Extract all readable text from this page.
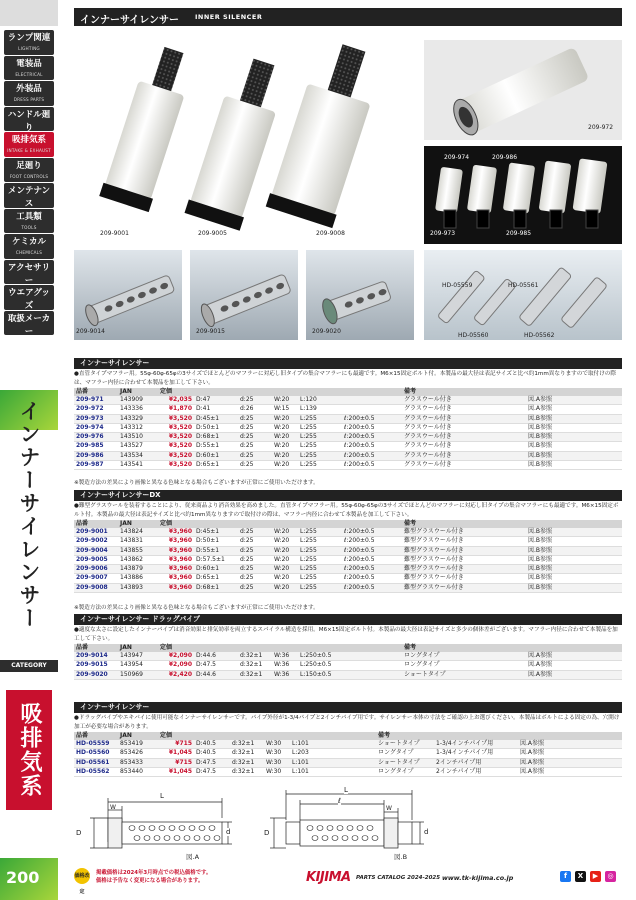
ランプ関連
LIGHTING
電装品
ELECTRICAL
外装品
DRESS PARTS
ハンドル廻り
吸排気系
INTAKE & EXHAUST
足廻り
FOOT CONTROLS
メンテナンス
工具類
TOOLS
ケミカル
CHEMICALS
アクセサリー
ウエアグッズ
取扱メーカー
インナーサイレンサー
CATEGORY
吸排気系
200
インナーサイレンサー INNER SILENCER
209-9001	209-9005	209-9008
209-972
209-974	209-986
209-973	209-985
209-9014	209-9015	209-9020
HD-05559	HD-05561
HD-05560	HD-05562
インナーサイレンサー
●直管タイプマフラー用。55φ-60φ-65φの3サイズでほとんどのマフラーに対応し旧タイプの集合マフラーにも最適です。M6×15固定ボルト付。本製品の最大径は表記サイズと比べ約1mm異なりますので取付けの際は、マフラー内径に合わせて本製品を加工して下さい。
品番	JAN	定価						備考	
209-971	143909	¥2,035	D:47	d:25	W:20	L:120		グラスウール付き	図.A参照
209-972	143336	¥1,870	D:41	d:26	W:15	L:139		グラスウール付き	図.A参照
209-973	143329	¥3,520	D:45±1	d:25	W:20	L:255	ℓ:200±0.5	グラスウール付き	図.B参照
209-974	143312	¥3,520	D:50±1	d:25	W:20	L:255	ℓ:200±0.5	グラスウール付き	図.B参照
209-976	143510	¥3,520	D:68±1	d:25	W:20	L:255	ℓ:200±0.5	グラスウール付き	図.B参照
209-985	143527	¥3,520	D:55±1	d:25	W:20	L:255	ℓ:200±0.5	グラスウール付き	図.B参照
209-986	143534	¥3,520	D:60±1	d:25	W:20	L:255	ℓ:200±0.5	グラスウール付き	図.B参照
209-987	143541	¥3,520	D:65±1	d:25	W:20	L:255	ℓ:200±0.5	グラスウール付き	図.B参照
※製造方法の差異により画像と異なる色味となる場合もございますが正常にご使用いただけます。
インナーサイレンサーDX
●難型グラスウールを装着することにより、従来商品より消音効果を高めました。直管タイプマフラー用。55φ-60φ-65φの3サイズでほとんどのマフラーに対応し旧タイプの集合マフラーにも最適です。M6×15固定ボルト付。本製品の最大径は表記サイズと比べ約1mm異なりますので取付けの際は、マフラー内径に合わせて本製品を加工して下さい。
品番	JAN	定価						備考	
209-9001	143824	¥3,960	D:45±1	d:25	W:20	L:255	ℓ:200±0.5	難型グラスウール付き	図.B参照
209-9002	143831	¥3,960	D:50±1	d:25	W:20	L:255	ℓ:200±0.5	難型グラスウール付き	図.B参照
209-9004	143855	¥3,960	D:55±1	d:25	W:20	L:255	ℓ:200±0.5	難型グラスウール付き	図.B参照
209-9005	143862	¥3,960	D:57.5±1	d:25	W:20	L:255	ℓ:200±0.5	難型グラスウール付き	図.B参照
209-9006	143879	¥3,960	D:60±1	d:25	W:20	L:255	ℓ:200±0.5	難型グラスウール付き	図.B参照
209-9007	143886	¥3,960	D:65±1	d:25	W:20	L:255	ℓ:200±0.5	難型グラスウール付き	図.B参照
209-9008	143893	¥3,960	D:68±1	d:25	W:20	L:255	ℓ:200±0.5	難型グラスウール付き	図.B参照
※製造方法の差異により画像と異なる色味となる場合もございますが正常にご使用いただけます。
インナーサイレンサー ドラッグパイプ
●適度な太さに設定したインナーパイプは消音効果と排気効率を両立するスパイラル構造を採用。M6×15固定ボルト付。本製品の最大径は表記サイズと多少の個体差がございます。マフラー内径に合わせて本製品を加工して下さい。
品番	JAN	定価						備考	
209-9014	143947	¥2,090	D:44.6	d:32±1	W:36	L:250±0.5		ロングタイプ	図.A参照
209-9015	143954	¥2,090	D:47.5	d:32±1	W:36	L:250±0.5		ロングタイプ	図.A参照
209-9020	150969	¥2,420	D:44.6	d:32±1	W:36	L:150±0.5		ショートタイプ	図.A参照
インナーサイレンサー
●ドラッグパイプやエキパイに使用可能なインナーサイレンサーです。パイプ外径が1-3/4パイプと2インチパイプ用です。サイレンサー本体の寸法をご確認の上お選びください。本製品はボルトによる固定の為、穴開け加工が必要な場合があります。
品番	JAN	定価						備考		
HD-05559	853419	¥715	D:40.5	d:32±1	W:30	L:101		ショートタイプ	1-3/4インチパイプ用	図.A参照
HD-05560	853426	¥1,045	D:40.5	d:32±1	W:30	L:203		ロングタイプ	1-3/4インチパイプ用	図.A参照
HD-05561	853433	¥715	D:47.5	d:32±1	W:30	L:101		ショートタイプ	2インチパイプ用	図.A参照
HD-05562	853440	¥1,045	D:47.5	d:32±1	W:30	L:101		ロングタイプ	2インチパイプ用	図.A参照
L
W
D	d
図.A
L
ℓ
W
D	d
図.B
価格改定
掲載価格は2024年3月時点での税込価格です。
価格は予告なく変更になる場合があります。	KIJIMA PARTS CATALOG 2024-2025 www.tk-kijima.co.jp	f	X	▶	◎
